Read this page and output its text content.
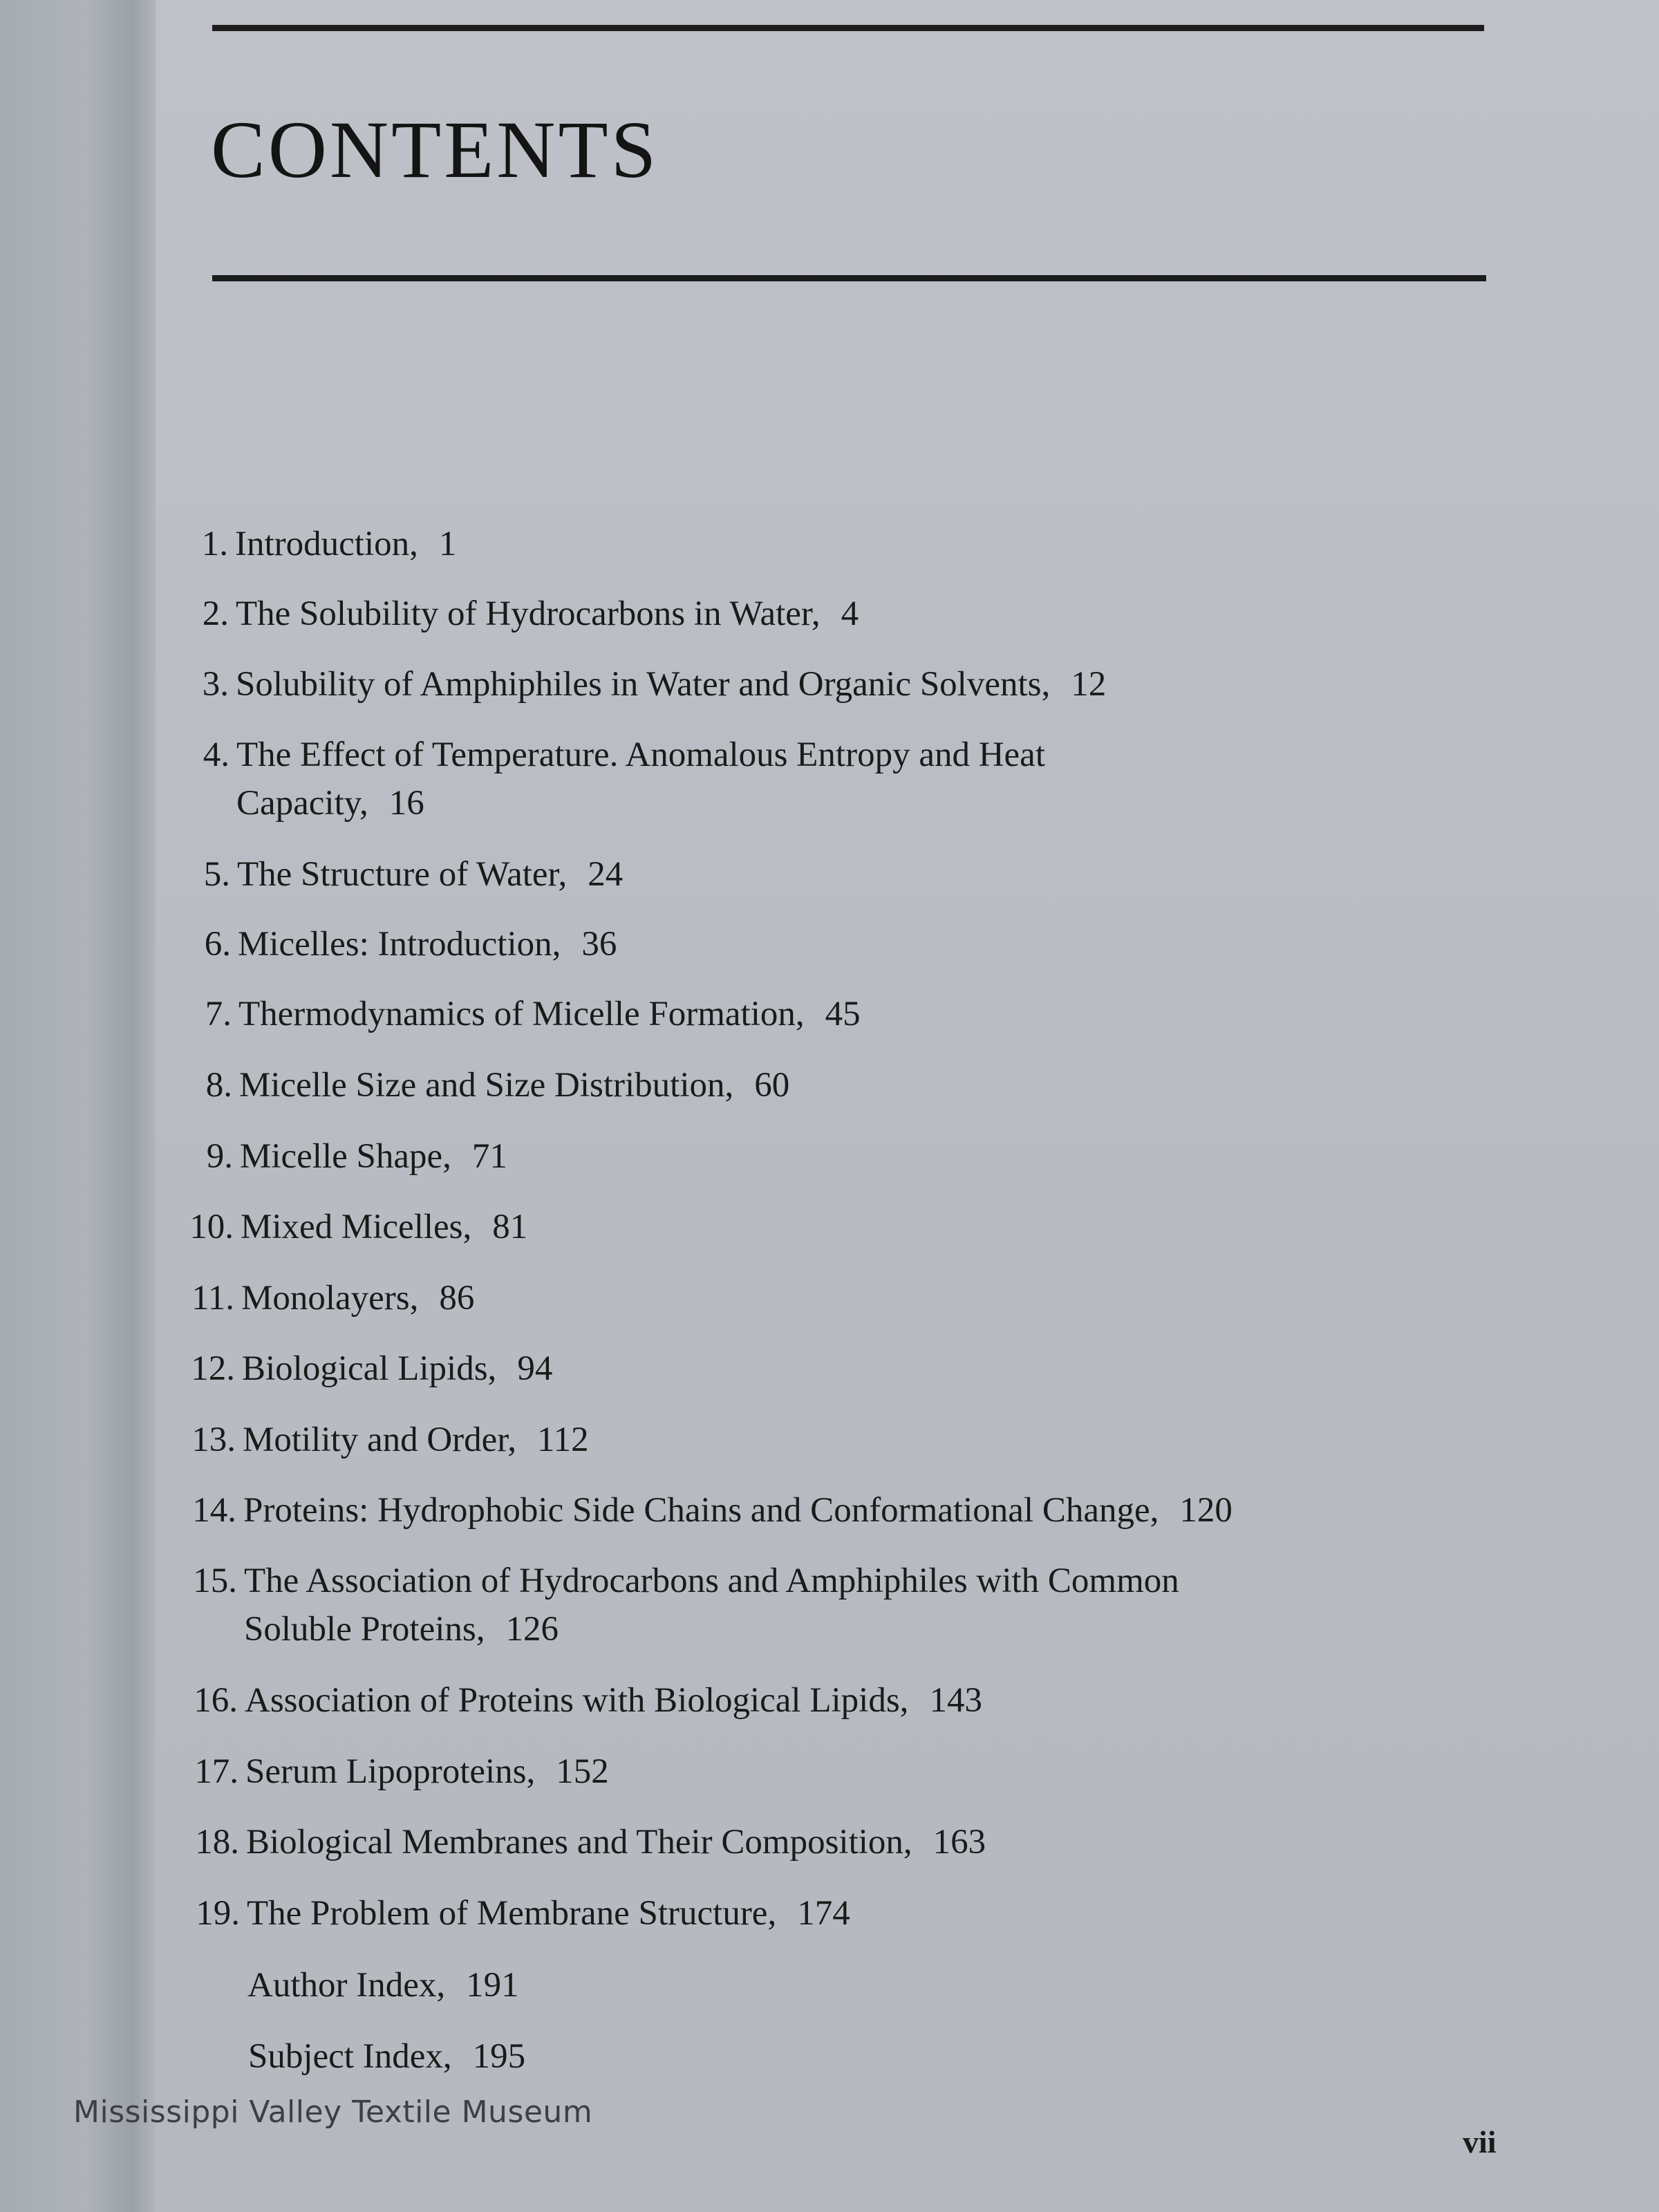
CONTENTS
1. Introduction, 1
2. The Solubility of Hydrocarbons in Water, 4
3. Solubility of Amphiphiles in Water and Organic Solvents, 12
4. The Effect of Temperature. Anomalous Entropy and Heat
Capacity, 16
5. The Structure of Water, 24
6. Micelles: Introduction, 36
7. Thermodynamics of Micelle Formation, 45
8. Micelle Size and Size Distribution, 60
9. Micelle Shape, 71
10. Mixed Micelles, 81
11. Monolayers, 86
12. Biological Lipids, 94
13. Motility and Order, 112
14. Proteins: Hydrophobic Side Chains and Conformational Change, 120
15. The Association of Hydrocarbons and Amphiphiles with Common
Soluble Proteins, 126
16. Association of Proteins with Biological Lipids, 143
17. Serum Lipoproteins, 152
18. Biological Membranes and Their Composition, 163
19. The Problem of Membrane Structure, 174
Author Index, 191
Subject Index, 195
Mississippi Valley Textile Museum
vii
